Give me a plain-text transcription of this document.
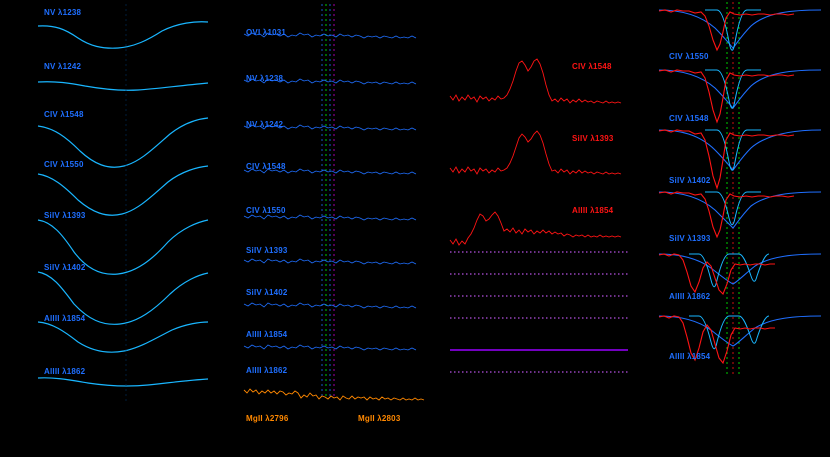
NV λ1238
NV λ1242
CIV λ1548
CIV λ1550
SiIV λ1393
SiIV λ1402
AlIII λ1854
AlIII λ1862
OVI λ1031
NV λ1238
NV λ1242
CIV λ1548
CIV λ1550
SiIV λ1393
SiIV λ1402
AlIII λ1854
AlIII λ1862
MgII λ2796	MgII λ2803
CIV λ1548
SiIV λ1393
AlIII λ1854
CIV λ1550
CIV λ1548
SiIV λ1402
SiIV λ1393
AlIII λ1862
AlIII λ1854
